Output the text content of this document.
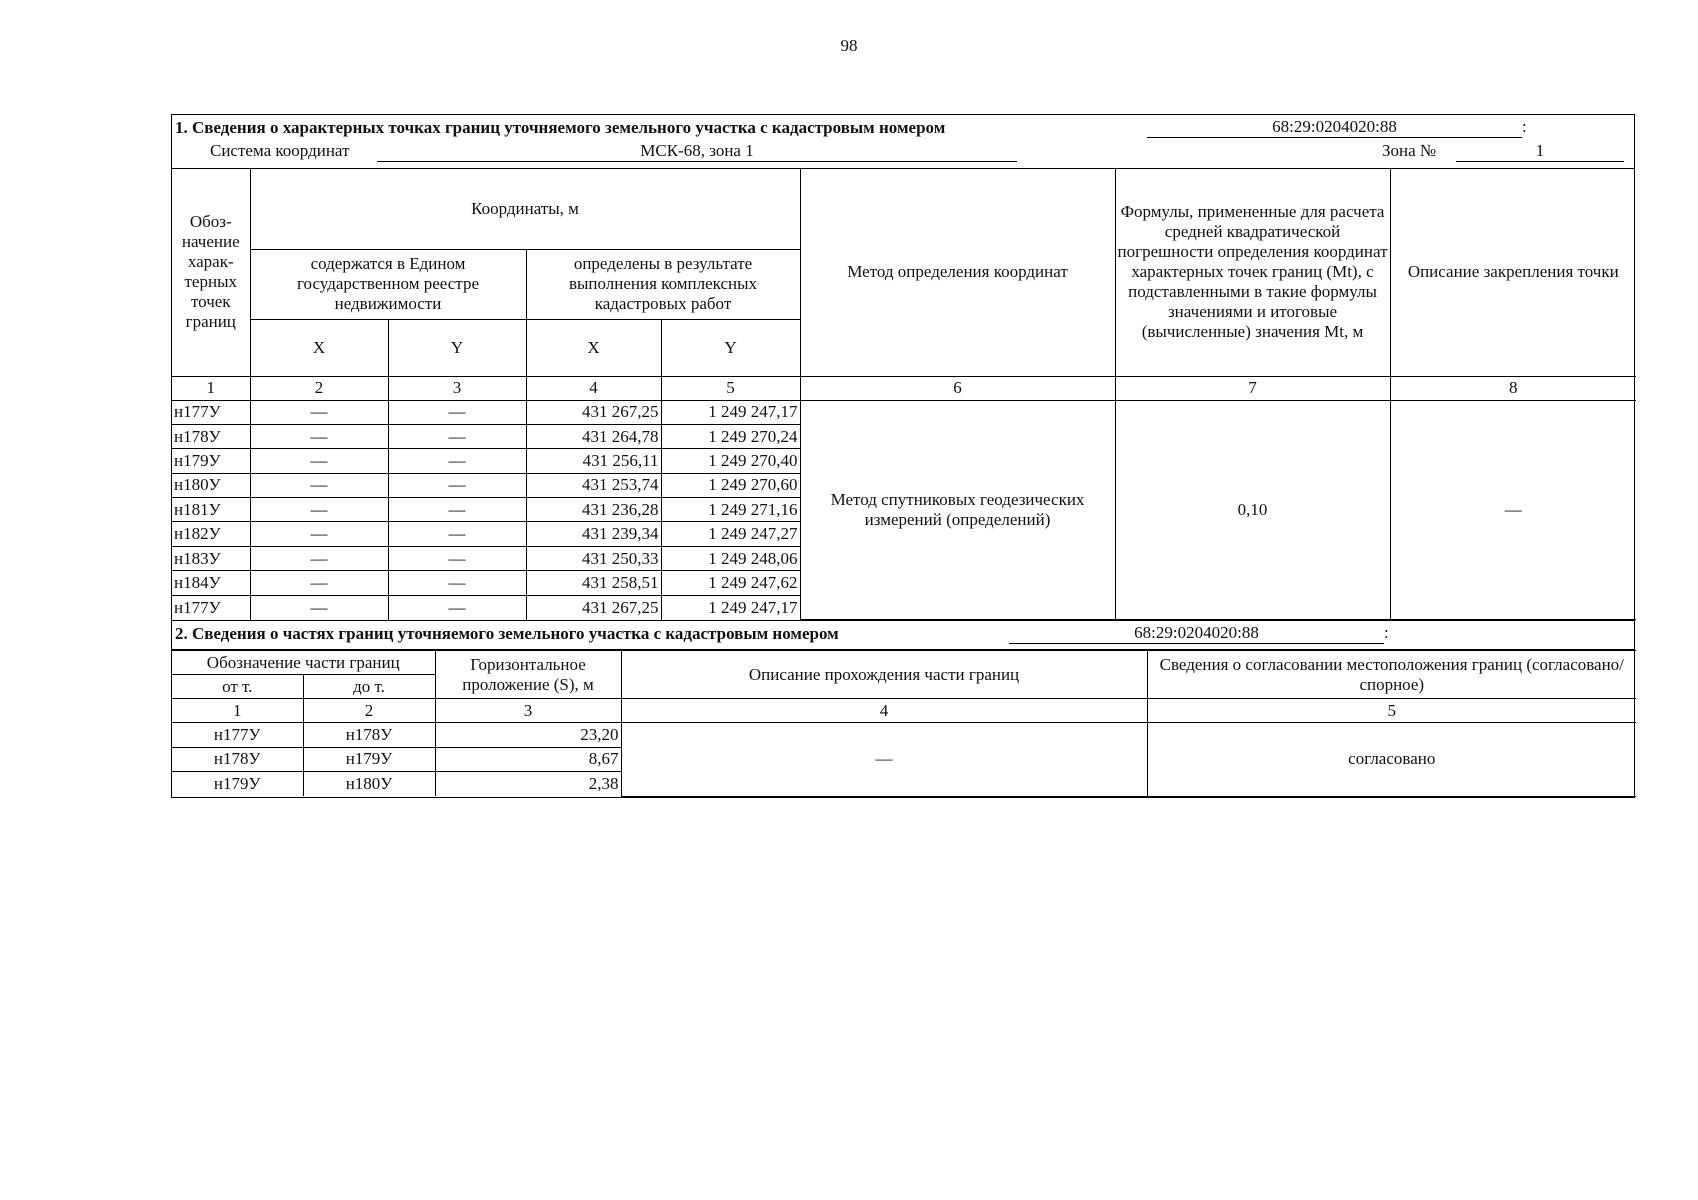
98
1. Сведения о характерных точках границ уточняемого земельного участка с кадастровым номером	68:29:0204020:88	:
Система координат	МСК-68, зона 1	Зона №	1
Обоз-начение харак-терных точек границ	Координаты, м				Метод определения координат	Формулы, примененные для расчета средней квадратической погрешности определения координат характерных точек границ (Mt), с подставленными в такие формулы значениями и итоговые (вычисленные) значения Mt, м	Описание закрепления точки
	содержатся в Едином государственном реестре недвижимости		определены в результате выполнения комплексных кадастровых работ				
	X	Y	X	Y			
1	2	3	4	5	6	7	8
н177У	—	—	431 267,25	1 249 247,17	Метод спутниковых геодезических измерений (определений)	0,10	—
н178У	—	—	431 264,78	1 249 270,24			
н179У	—	—	431 256,11	1 249 270,40			
н180У	—	—	431 253,74	1 249 270,60			
н181У	—	—	431 236,28	1 249 271,16			
н182У	—	—	431 239,34	1 249 247,27			
н183У	—	—	431 250,33	1 249 248,06			
н184У	—	—	431 258,51	1 249 247,62			
н177У	—	—	431 267,25	1 249 247,17			
2. Сведения о частях границ уточняемого земельного участка с кадастровым номером	68:29:0204020:88	:
Обозначение части границ		Горизонтальное проложение (S), м	Описание прохождения части границ	Сведения о согласовании местоположения границ (согласовано/спорное)
от т.	до т.			
1	2	3	4	5
н177У	н178У	23,20	—	согласовано
н178У	н179У	8,67		
н179У	н180У	2,38		
